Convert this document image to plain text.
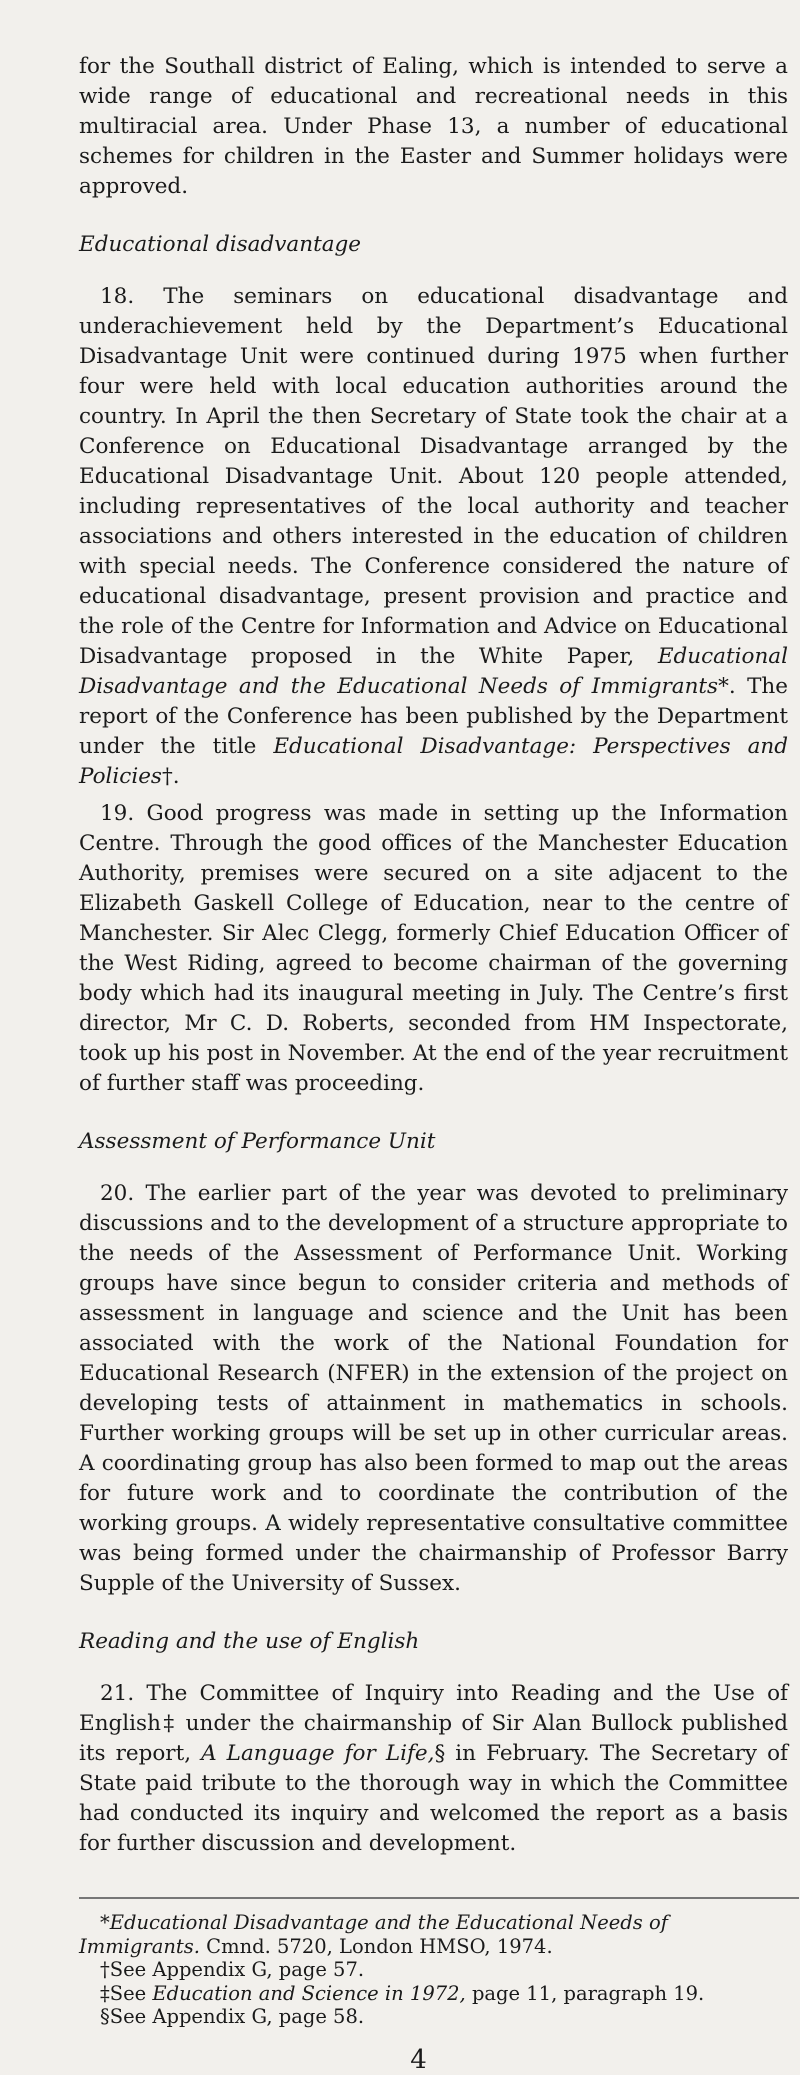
for the Southall district of Ealing, which is intended to serve a wide range of educational and recreational needs in this multiracial area. Under Phase 13, a number of educational schemes for children in the Easter and Summer holidays were approved.

Educational disadvantage

18. The seminars on educational disadvantage and underachievement held by the Department’s Educational Disadvantage Unit were continued during 1975 when further four were held with local education authorities around the country. In April the then Secretary of State took the chair at a Conference on Educational Disadvantage arranged by the Educational Disadvantage Unit. About 120 people attended, including representatives of the local authority and teacher associations and others interested in the education of children with special needs. The Conference considered the nature of educational disadvantage, present provision and practice and the role of the Centre for Information and Advice on Educational Disadvantage proposed in the White Paper, Educational Disadvantage and the Educational Needs of Immigrants*. The report of the Conference has been published by the Department under the title Educational Disadvantage: Perspectives and Policies†.

19. Good progress was made in setting up the Information Centre. Through the good offices of the Manchester Education Authority, premises were secured on a site adjacent to the Elizabeth Gaskell College of Education, near to the centre of Manchester. Sir Alec Clegg, formerly Chief Education Officer of the West Riding, agreed to become chairman of the governing body which had its inaugural meeting in July. The Centre’s first director, Mr C. D. Roberts, seconded from HM Inspectorate, took up his post in November. At the end of the year recruitment of further staff was proceeding.

Assessment of Performance Unit

20. The earlier part of the year was devoted to preliminary discussions and to the development of a structure appropriate to the needs of the Assessment of Performance Unit. Working groups have since begun to consider criteria and methods of assessment in language and science and the Unit has been associated with the work of the National Foundation for Educational Research (NFER) in the extension of the project on developing tests of attainment in mathematics in schools. Further working groups will be set up in other curricular areas. A coordinating group has also been formed to map out the areas for future work and to coordinate the contribution of the working groups. A widely representative consultative committee was being formed under the chairmanship of Professor Barry Supple of the University of Sussex.

Reading and the use of English

21. The Committee of Inquiry into Reading and the Use of English‡ under the chairmanship of Sir Alan Bullock published its report, A Language for Life,§ in February. The Secretary of State paid tribute to the thorough way in which the Committee had conducted its inquiry and welcomed the report as a basis for further discussion and development.

*Educational Disadvantage and the Educational Needs of Immigrants. Cmnd. 5720, London HMSO, 1974.

†See Appendix G, page 57.

‡See Education and Science in 1972, page 11, paragraph 19.

§See Appendix G, page 58.

4
